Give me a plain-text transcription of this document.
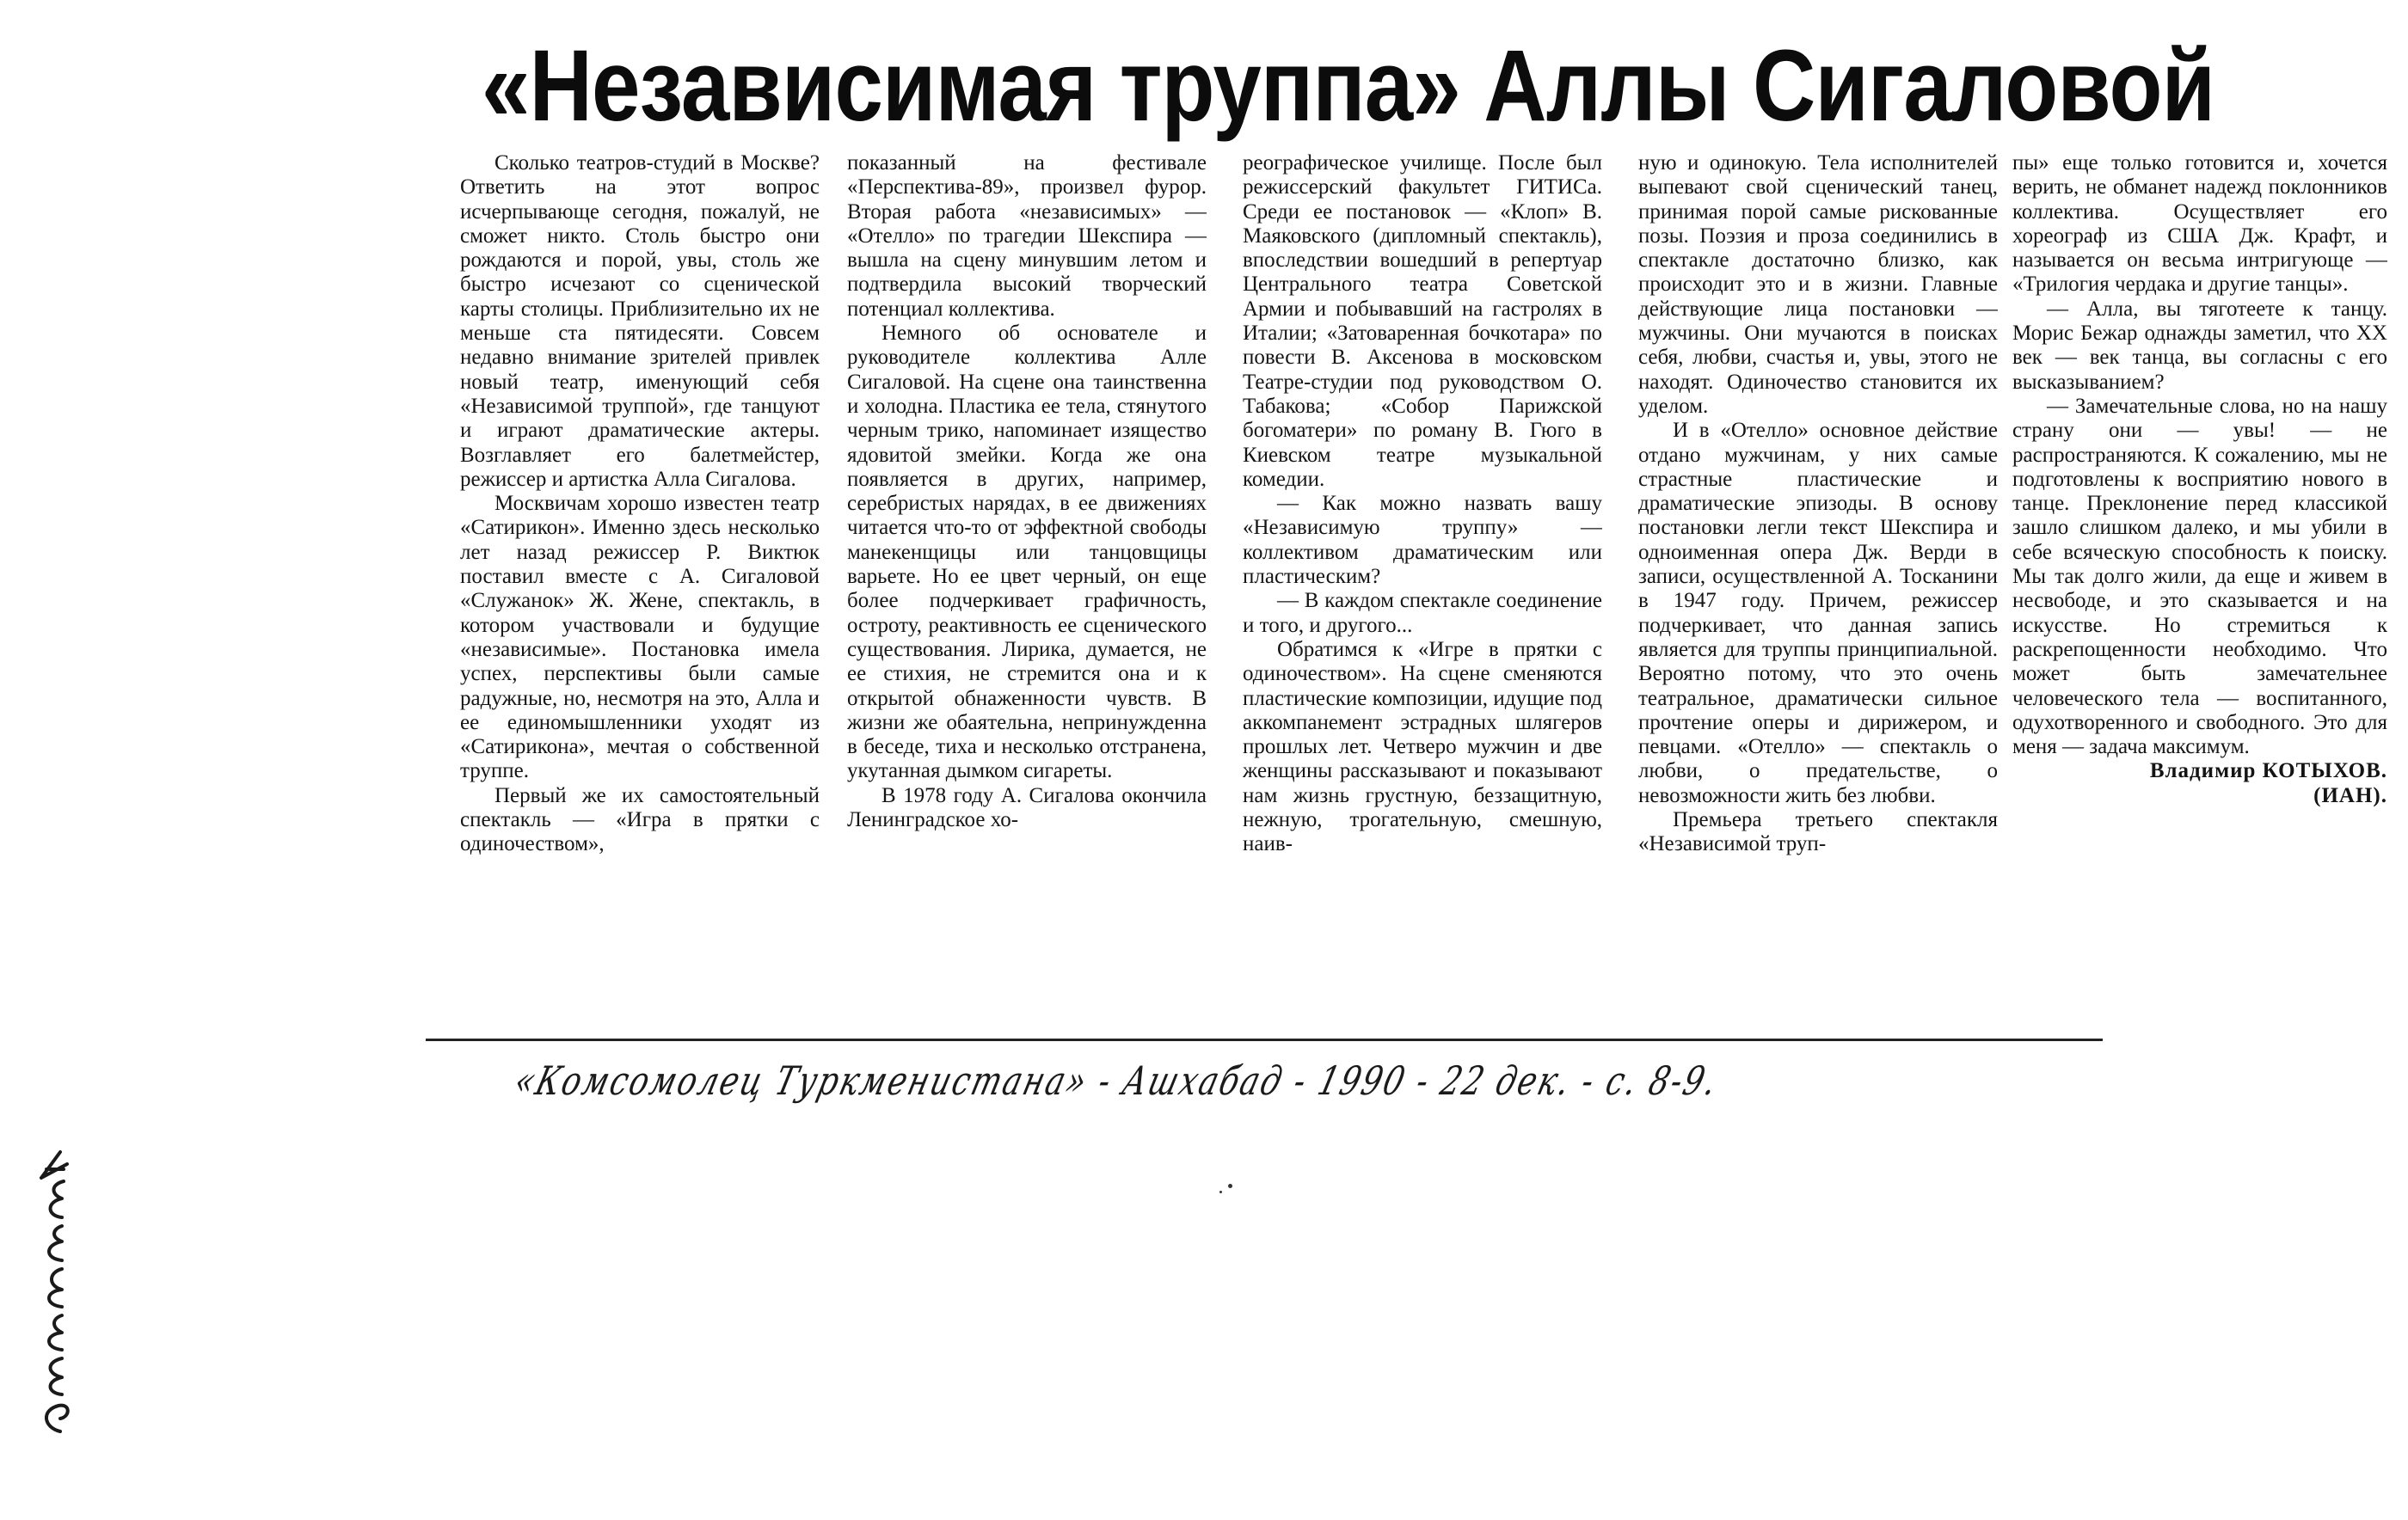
«Независимая труппа» Аллы Сигаловой

Сколько театров-студий в Москве? Ответить на этот вопрос исчерпывающе сегодня, пожалуй, не сможет никто. Столь быстро они рождаются и порой, увы, столь же быстро исчезают со сценической карты столицы. Приблизительно их не меньше ста пятидесяти. Совсем недавно внимание зрителей привлек новый театр, именующий себя «Независимой труппой», где танцуют и играют драматические актеры. Возглавляет его балетмейстер, режиссер и артистка Алла Сигалова.

Москвичам хорошо известен театр «Сатирикон». Именно здесь несколько лет назад режиссер Р. Виктюк поставил вместе с А. Сигаловой «Служанок» Ж. Жене, спектакль, в котором участвовали и будущие «независимые». Постановка имела успех, перспективы были самые радужные, но, несмотря на это, Алла и ее единомышленники уходят из «Сатирикона», мечтая о собственной труппе.

Первый же их самостоятельный спектакль — «Игра в прятки с одиночеством»,

показанный на фестивале «Перспектива-89», произвел фурор. Вторая работа «независимых» — «Отелло» по трагедии Шекспира — вышла на сцену минувшим летом и подтвердила высокий творческий потенциал коллектива.

Немного об основателе и руководителе коллектива Алле Сигаловой. На сцене она таинственна и холодна. Пластика ее тела, стянутого черным трико, напоминает изящество ядовитой змейки. Когда же она появляется в других, например, серебристых нарядах, в ее движениях читается что-то от эффектной свободы манекенщицы или танцовщицы варьете. Но ее цвет черный, он еще более подчеркивает графичность, остроту, реактивность ее сценического существования. Лирика, думается, не ее стихия, не стремится она и к открытой обнаженности чувств. В жизни же обаятельна, непринужденна в беседе, тиха и несколько отстранена, укутанная дымком сигареты.

В 1978 году А. Сигалова окончила Ленинградское хо-

реографическое училище. После был режиссерский факультет ГИТИСа. Среди ее постановок — «Клоп» В. Маяковского (дипломный спектакль), впоследствии вошедший в репертуар Центрального театра Советской Армии и побывавший на гастролях в Италии; «Затоваренная бочкотара» по повести В. Аксенова в московском Театре-студии под руководством О. Табакова; «Собор Парижской богоматери» по роману В. Гюго в Киевском театре музыкальной комедии.

— Как можно назвать вашу «Независимую труппу» — коллективом драматическим или пластическим?

— В каждом спектакле соединение и того, и другого...

Обратимся к «Игре в прятки с одиночеством». На сцене сменяются пластические композиции, идущие под аккомпанемент эстрадных шлягеров прошлых лет. Четверо мужчин и две женщины рассказывают и показывают нам жизнь грустную, беззащитную, нежную, трогательную, смешную, наив-

ную и одинокую. Тела исполнителей выпевают свой сценический танец, принимая порой самые рискованные позы. Поэзия и проза соединились в спектакле достаточно близко, как происходит это и в жизни. Главные действующие лица постановки — мужчины. Они мучаются в поисках себя, любви, счастья и, увы, этого не находят. Одиночество становится их уделом.

И в «Отелло» основное действие отдано мужчинам, у них самые страстные пластические и драматические эпизоды. В основу постановки легли текст Шекспира и одноименная опера Дж. Верди в записи, осуществленной А. Тосканини в 1947 году. Причем, режиссер подчеркивает, что данная запись является для труппы принципиальной. Вероятно потому, что это очень театральное, драматически сильное прочтение оперы и дирижером, и певцами. «Отелло» — спектакль о любви, о предательстве, о невозможности жить без любви.

Премьера третьего спектакля «Независимой труп-

пы» еще только готовится и, хочется верить, не обманет надежд поклонников коллектива. Осуществляет его хореограф из США Дж. Крафт, и называется он весьма интригующе — «Трилогия чердака и другие танцы».

— Алла, вы тяготеете к танцу. Морис Бежар однажды заметил, что XX век — век танца, вы согласны с его высказыванием?

— Замечательные слова, но на нашу страну они — увы! — не распространяются. К сожалению, мы не подготовлены к восприятию нового в танце. Преклонение перед классикой зашло слишком далеко, и мы убили в себе всяческую способность к поиску. Мы так долго жили, да еще и живем в несвободе, и это сказывается и на искусстве. Но стремиться к раскрепощенности необходимо. Что может быть замечательнее человеческого тела — воспитанного, одухотворенного и свободного. Это для меня — задача максимум.

Владимир КОТЫХОВ.

(ИАН).

«Комсомолец Туркменистана» - Ашхабад - 1990 - 22 дек. - с. 8-9.
